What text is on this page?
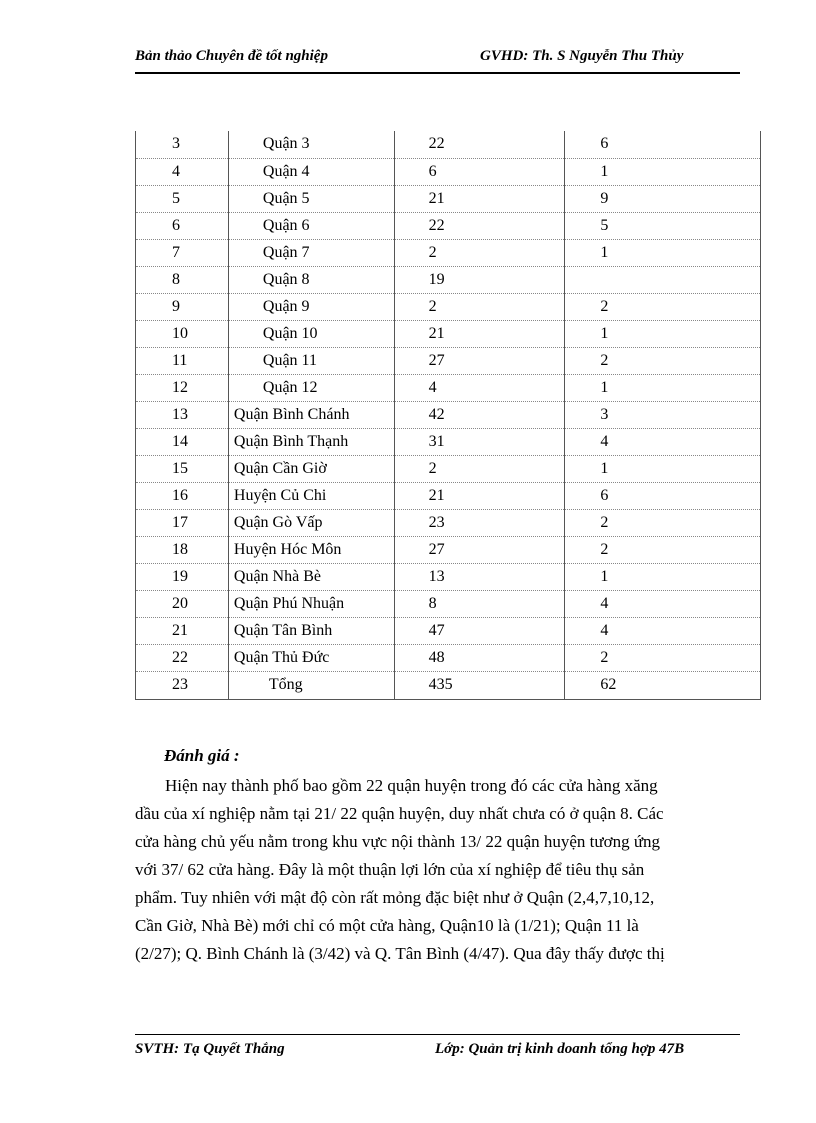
Bản thảo Chuyên đề tốt nghiệp	GVHD: Th. S Nguyễn Thu Thủy
3	Quận 3	22	6
4	Quận 4	6	1
5	Quận 5	21	9
6	Quận 6	22	5
7	Quận 7	2	1
8	Quận 8	19	
9	Quận 9	2	2
10	Quận 10	21	1
11	Quận 11	27	2
12	Quận 12	4	1
13	Quận Bình Chánh	42	3
14	Quận Bình Thạnh	31	4
15	Quận Cần Giờ	2	1
16	Huyện Củ Chi	21	6
17	Quận Gò Vấp	23	2
18	Huyện Hóc Môn	27	2
19	Quận Nhà Bè	13	1
20	Quận Phú Nhuận	8	4
21	Quận Tân Bình	47	4
22	Quận Thủ Đức	48	2
23	Tổng	435	62
Đánh giá :
Hiện nay thành phố bao gồm 22 quận huyện trong đó các cửa hàng xăng
dầu của xí nghiệp nằm tại 21/ 22 quận huyện, duy nhất chưa có ở quận 8. Các
cửa hàng chủ yếu nằm trong khu vực nội thành 13/ 22 quận huyện tương ứng
với 37/ 62 cửa hàng. Đây là một thuận lợi lớn của xí nghiệp để tiêu thụ sản
phẩm. Tuy nhiên với mật độ còn rất mỏng đặc biệt như ở Quận (2,4,7,10,12,
Cần Giờ, Nhà Bè) mới chỉ có một cửa hàng, Quận10 là (1/21); Quận 11 là
(2/27); Q. Bình Chánh là (3/42) và Q. Tân Bình (4/47). Qua đây thấy được thị
SVTH: Tạ Quyết Thắng	Lớp: Quản trị kinh doanh tổng hợp 47B
